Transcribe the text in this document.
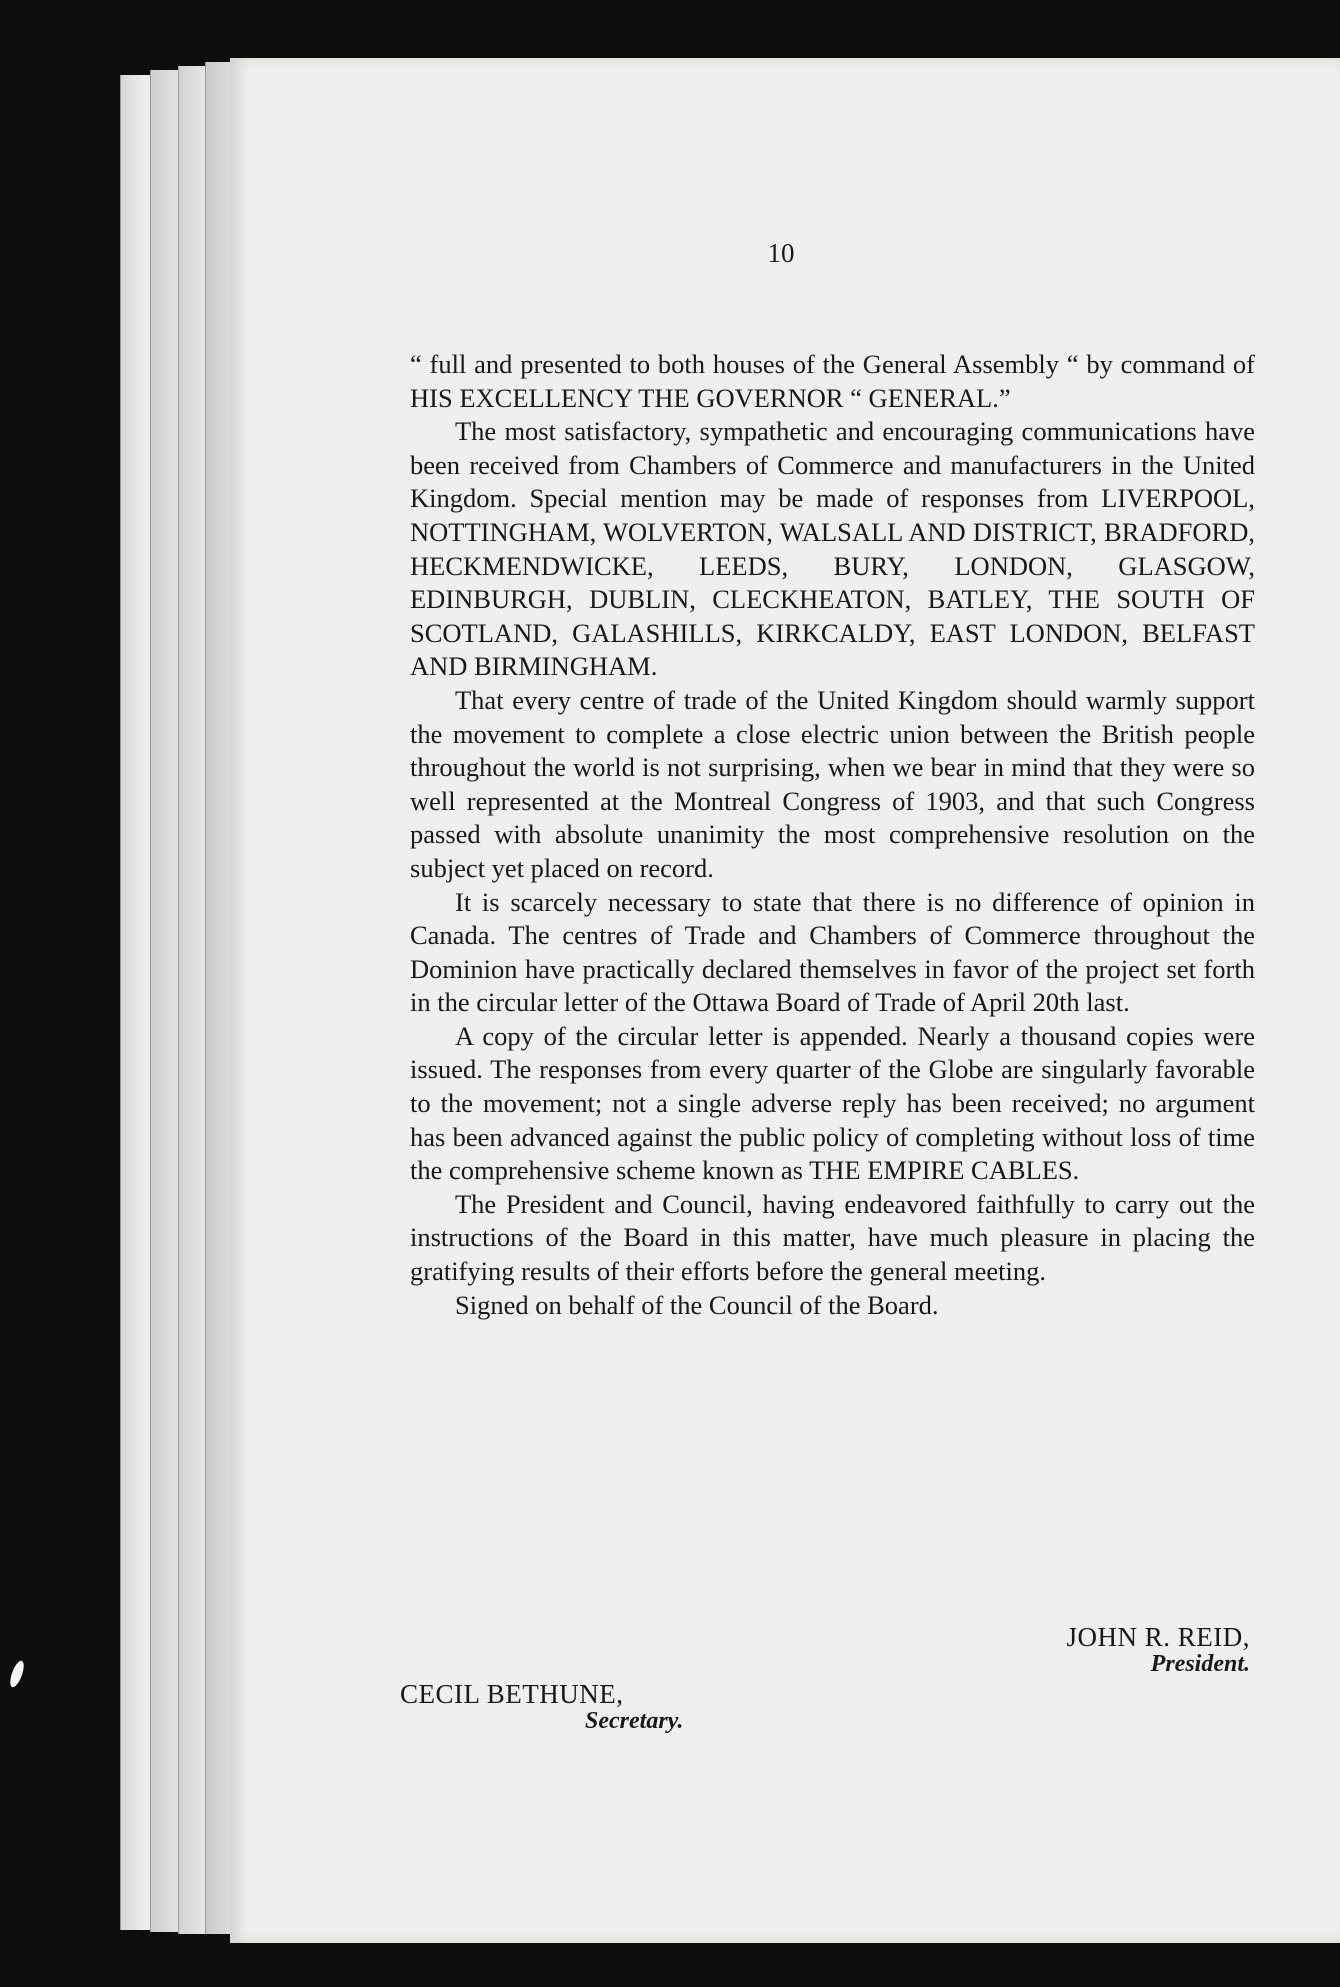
10

“ full and presented to both houses of the General Assembly “ by command of HIS EXCELLENCY THE GOVERNOR “ GENERAL.”

The most satisfactory, sympathetic and encouraging communications have been received from Chambers of Commerce and manufacturers in the United Kingdom. Special mention may be made of responses from LIVERPOOL, NOTTINGHAM, WOLVERTON, WALSALL AND DISTRICT, BRADFORD, HECKMENDWICKE, LEEDS, BURY, LONDON, GLASGOW, EDINBURGH, DUBLIN, CLECKHEATON, BATLEY, THE SOUTH OF SCOTLAND, GALASHILLS, KIRKCALDY, EAST LONDON, BELFAST AND BIRMINGHAM.

That every centre of trade of the United Kingdom should warmly support the movement to complete a close electric union between the British people throughout the world is not surprising, when we bear in mind that they were so well represented at the Montreal Congress of 1903, and that such Congress passed with absolute unanimity the most comprehensive resolution on the subject yet placed on record.

It is scarcely necessary to state that there is no difference of opinion in Canada. The centres of Trade and Chambers of Commerce throughout the Dominion have practically declared themselves in favor of the project set forth in the circular letter of the Ottawa Board of Trade of April 20th last.

A copy of the circular letter is appended. Nearly a thousand copies were issued. The responses from every quarter of the Globe are singularly favorable to the movement; not a single adverse reply has been received; no argument has been advanced against the public policy of completing without loss of time the comprehensive scheme known as THE EMPIRE CABLES.

The President and Council, having endeavored faithfully to carry out the instructions of the Board in this matter, have much pleasure in placing the gratifying results of their efforts before the general meeting.

Signed on behalf of the Council of the Board.

JOHN R. REID,
President.
CECIL BETHUNE,
Secretary.
